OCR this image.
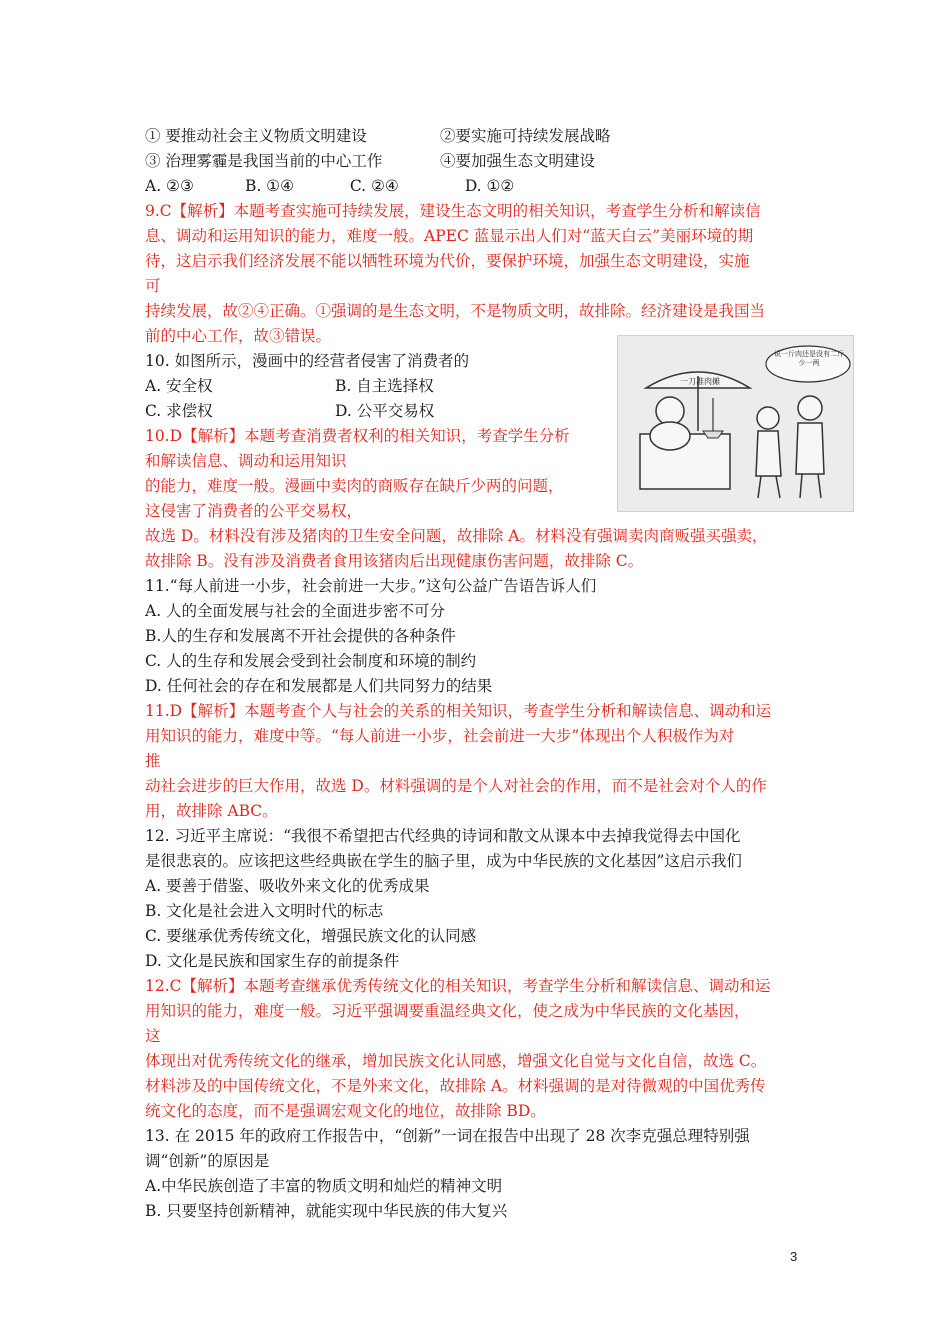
① 要推动社会主义物质文明建设	②要实施可持续发展战略
③ 治理雾霾是我国当前的中心工作	④要加强生态文明建设
A. ②③	B. ①④	C. ②④	D. ①②
9.C【解析】本题考查实施可持续发展，建设生态文明的相关知识，考查学生分析和解读信
息、调动和运用知识的能力，难度一般。APEC 蓝显示出人们对“蓝天白云”美丽环境的期
待，这启示我们经济发展不能以牺牲环境为代价，要保护环境，加强生态文明建设，实施
可
持续发展，故②④正确。①强调的是生态文明，不是物质文明，故排除。经济建设是我国当
前的中心工作，故③错误。
10. 如图所示，漫画中的经营者侵害了消费者的
A. 安全权	B. 自主选择权
C. 求偿权	D. 公平交易权
10.D【解析】本题考查消费者权利的相关知识，考查学生分析
和解读信息、调动和运用知识
的能力，难度一般。漫画中卖肉的商贩存在缺斤少两的问题，
这侵害了消费者的公平交易权，
故选 D。材料没有涉及猪肉的卫生安全问题，故排除 A。材料没有强调卖肉商贩强买强卖，
故排除 B。没有涉及消费者食用该猪肉后出现健康伤害问题，故排除 C。
11.“每人前进一小步，社会前进一大步。”这句公益广告语告诉人们
A. 人的全面发展与社会的全面进步密不可分
B.人的生存和发展离不开社会提供的各种条件
C. 人的生存和发展会受到社会制度和环境的制约
D. 任何社会的存在和发展都是人们共同努力的结果
11.D【解析】本题考查个人与社会的关系的相关知识，考查学生分析和解读信息、调动和运
用知识的能力，难度中等。“每人前进一小步，社会前进一大步”体现出个人积极作为对
推
动社会进步的巨大作用，故选 D。材料强调的是个人对社会的作用，而不是社会对个人的作
用，故排除 ABC。
12. 习近平主席说：“我很不希望把古代经典的诗词和散文从课本中去掉我觉得去中国化
是很悲哀的。应该把这些经典嵌在学生的脑子里，成为中华民族的文化基因”这启示我们
A. 要善于借鉴、吸收外来文化的优秀成果
B. 文化是社会进入文明时代的标志
C. 要继承优秀传统文化，增强民族文化的认同感
D. 文化是民族和国家生存的前提条件
12.C【解析】本题考查继承优秀传统文化的相关知识，考查学生分析和解读信息、调动和运
用知识的能力，难度一般。习近平强调要重温经典文化，使之成为中华民族的文化基因，
这
体现出对优秀传统文化的继承，增加民族文化认同感，增强文化自觉与文化自信，故选 C。
材料涉及的中国传统文化，不是外来文化，故排除 A。材料强调的是对待微观的中国优秀传
统文化的态度，而不是强调宏观文化的地位，故排除 BD。
13. 在 2015 年的政府工作报告中，“创新”一词在报告中出现了 28 次李克强总理特别强
调“创新”的原因是
A.中华民族创造了丰富的物质文明和灿烂的精神文明
B. 只要坚持创新精神，就能实现中华民族的伟大复兴
一刀准肉摊
说一斤肉还是没有二斤少一两
3
